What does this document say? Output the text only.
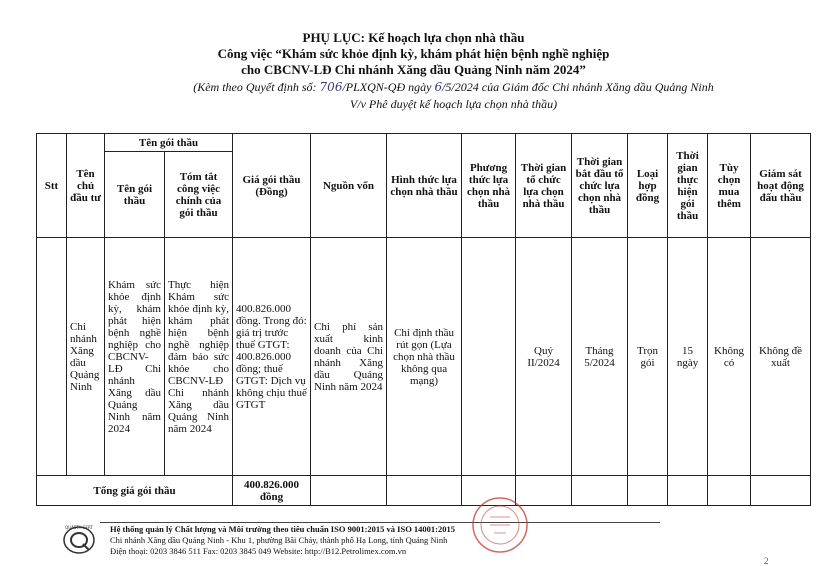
PHỤ LỤC: Kế hoạch lựa chọn nhà thầu
Công việc “Khám sức khỏe định kỳ, khám phát hiện bệnh nghề nghiệp
cho CBCNV-LĐ Chi nhánh Xăng dầu Quảng Ninh năm 2024”
(Kèm theo Quyết định số: 706/PLXQN-QĐ ngày 6/5/2024 của Giám đốc Chi nhánh Xăng dầu Quảng Ninh
V/v Phê duyệt kế hoạch lựa chọn nhà thầu)
Stt	Tên chủ đầu tư	Tên gói thầu		Giá gói thầu (Đồng)	Nguồn vốn	Hình thức lựa chọn nhà thầu	Phương thức lựa chọn nhà thầu	Thời gian tổ chức lựa chọn nhà thầu	Thời gian bắt đầu tổ chức lựa chọn nhà thầu	Loại hợp đồng	Thời gian thực hiện gói thầu	Tùy chọn mua thêm	Giám sát hoạt động đấu thầu
		Tên gói thầu	Tóm tắt công việc chính của gói thầu										
	Chi nhánh Xăng dầu Quảng Ninh	Khám sức khỏe định kỳ, khám phát hiện bệnh nghề nghiệp cho CBCNV-LĐ Chi nhánh Xăng dầu Quảng Ninh năm 2024	Thực hiện Khám sức khỏe định kỳ, khám phát hiện bệnh nghề nghiệp đảm bảo sức khỏe cho CBCNV-LĐ Chi nhánh Xăng dầu Quảng Ninh năm 2024	400.826.000 đồng. Trong đó: giá trị trước thuế GTGT: 400.826.000 đồng; thuế GTGT: Dịch vụ không chịu thuế GTGT	Chi phí sản xuất kinh doanh của Chi nhánh Xăng dầu Quảng Ninh năm 2024	Chỉ định thầu rút gọn (Lựa chọn nhà thầu không qua mạng)		Quý II/2024	Tháng 5/2024	Trọn gói	15 ngày	Không có	Không đề xuất
Tổng giá gói thầu				400.826.000 đồng									
QUASTA-CERT Hệ thống quản lý Chất lượng và Môi trường theo tiêu chuẩn ISO 9001:2015 và ISO 14001:2015
Chi nhánh Xăng dầu Quảng Ninh - Khu 1, phường Bãi Cháy, thành phố Hạ Long, tỉnh Quảng Ninh
Điện thoại: 0203 3846 511 Fax: 0203 3845 049 Website: http://B12.Petrolimex.com.vn
2
